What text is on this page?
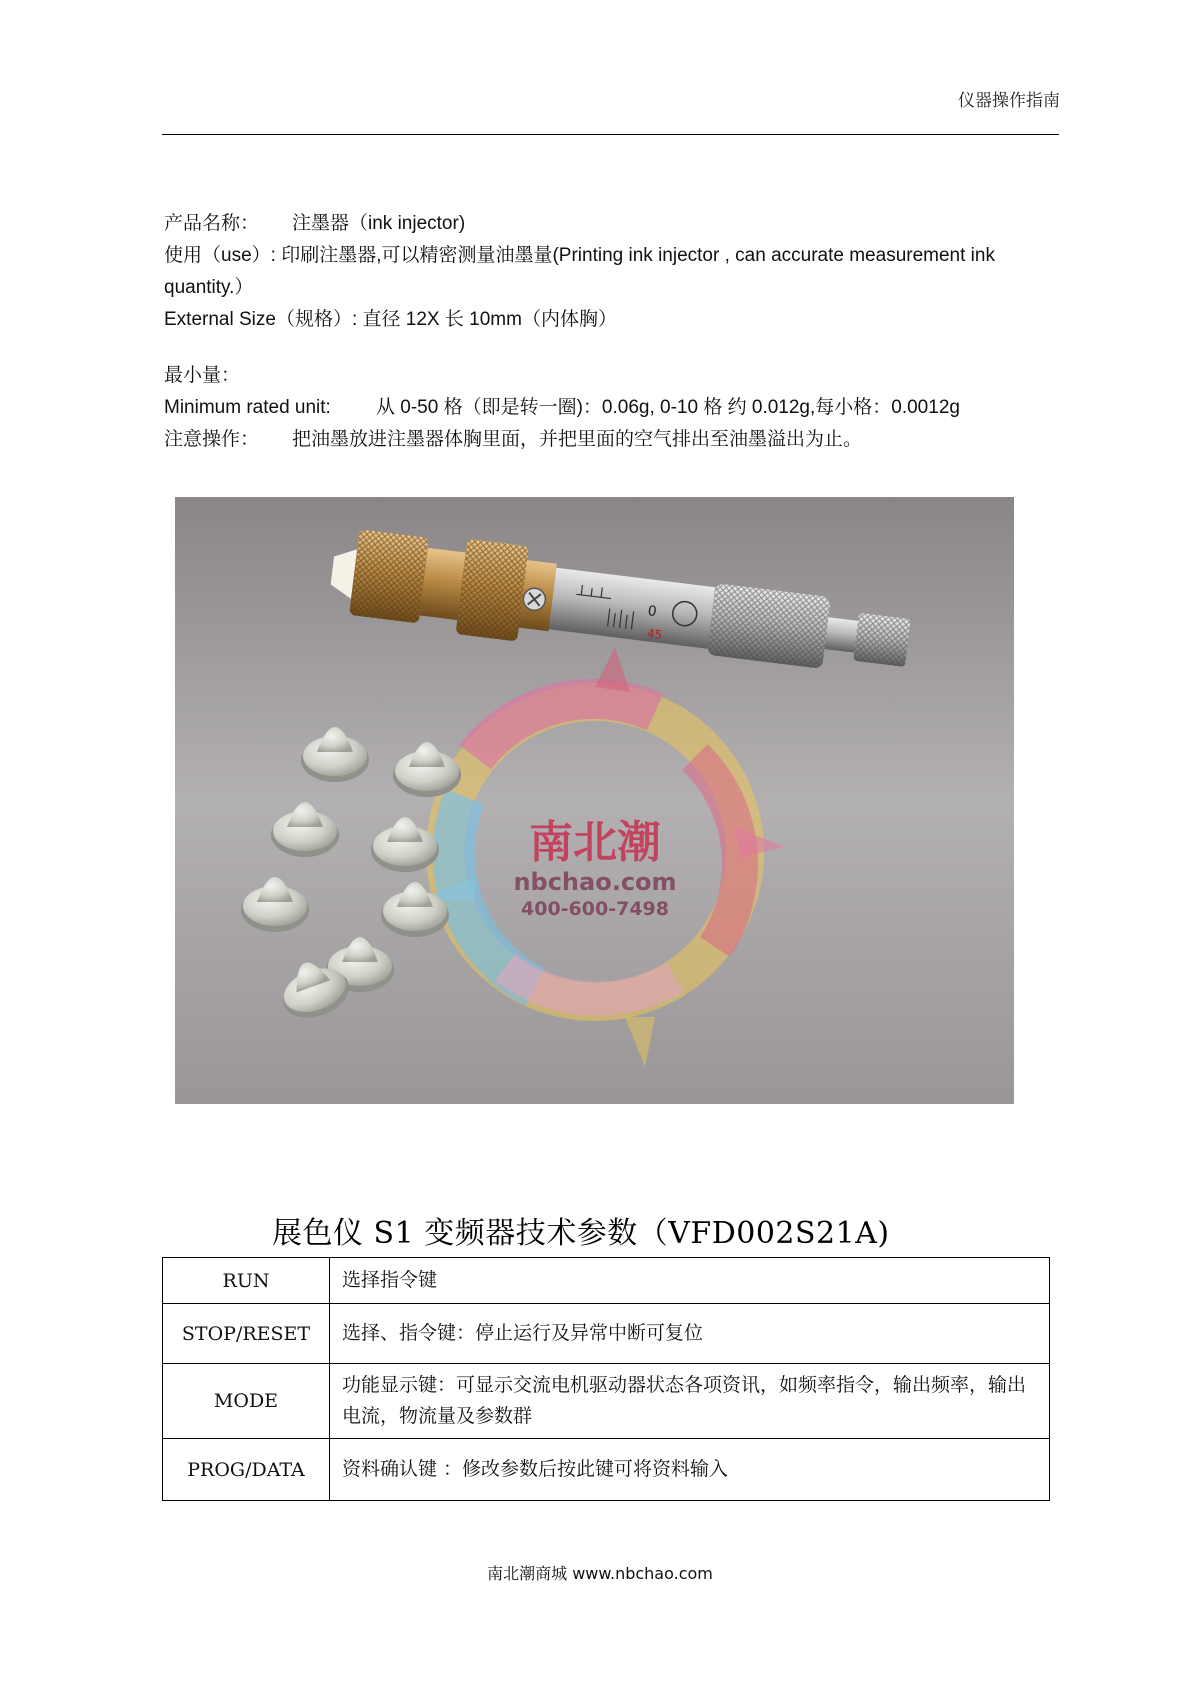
仪器操作指南
产品名称： 注墨器（ink injector)
使用（use）: 印刷注墨器,可以精密测量油墨量(Printing ink injector , can accurate measurement ink
quantity.）
External Size（规格）: 直径 12X 长 10mm（内体胸）
最小量：
Minimum rated unit: 从 0-50 格（即是转一圈)：0.06g, 0-10 格 约 0.012g,每小格：0.0012g
注意操作： 把油墨放进注墨器体胸里面，并把里面的空气排出至油墨溢出为止。
0
45
南北潮
nbchao.com
400-600-7498
展色仪 S1 变频器技术参数（VFD002S21A)
RUN	选择指令键
STOP/RESET	选择、指令键：停止运行及异常中断可复位
MODE	功能显示键：可显示交流电机驱动器状态各项资讯，如频率指令，输出频率，输出电流，物流量及参数群
PROG/DATA	资料确认键 ：修改参数后按此键可将资料输入
南北潮商城 www.nbchao.com
